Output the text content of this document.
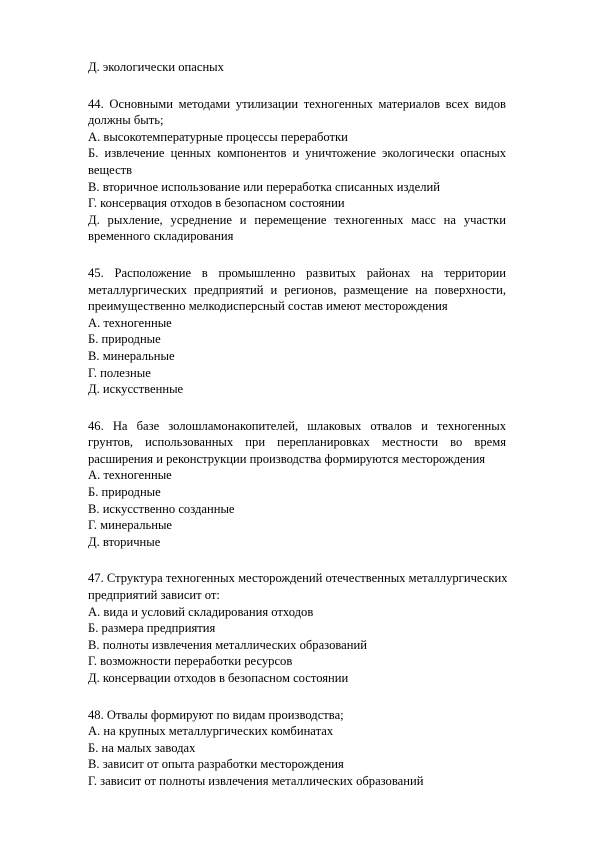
Д. экологически опасных
44. Основными методами утилизации техногенных материалов всех видов
должны быть;
А. высокотемпературные процессы переработки
Б. извлечение ценных компонентов и уничтожение экологически опасных
веществ
В. вторичное использование или переработка списанных изделий
Г. консервация отходов в безопасном состоянии
Д. рыхление, усреднение и перемещение техногенных масс на участки
временного складирования
45. Расположение в промышленно развитых районах на территории
металлургических предприятий и регионов, размещение на поверхности,
преимущественно мелкодисперсный состав имеют месторождения
А. техногенные
Б. природные
В. минеральные
Г. полезные
Д. искусственные
46. На базе золошламонакопителей, шлаковых отвалов и техногенных
грунтов, использованных при перепланировках местности во время
расширения и реконструкции производства формируются месторождения
А. техногенные
Б. природные
В. искусственно созданные
Г. минеральные
Д. вторичные
47. Структура техногенных месторождений отечественных металлургических
предприятий зависит от:
А. вида и условий складирования отходов
Б. размера предприятия
В. полноты извлечения металлических образований
Г. возможности переработки ресурсов
Д. консервации отходов в безопасном состоянии
48. Отвалы формируют по видам производства;
А. на крупных металлургических комбинатах
Б. на малых заводах
В. зависит от опыта разработки месторождения
Г. зависит от полноты извлечения металлических образований
